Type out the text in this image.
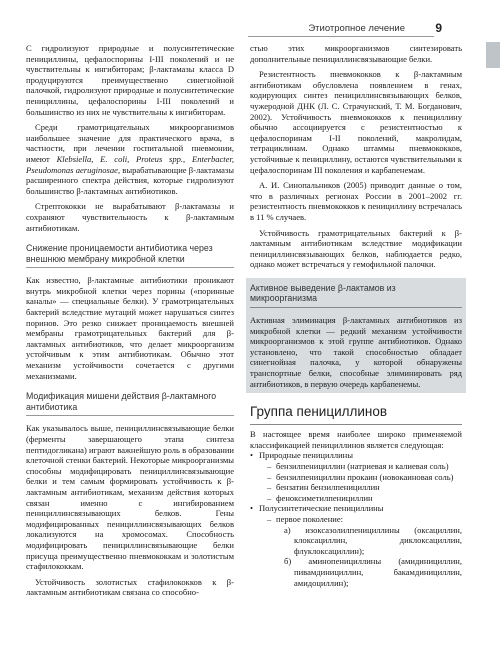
Этиотропное лечение	9

С гидролизуют природные и полусинтетические пенициллины, цефалоспорины I-III поколений и не чувствительны к ингибиторам; β-лактамазы класса D продуцируются преимущественно синегнойной палочкой, гидролизуют природные и полусинтетические пенициллины, цефалоспорины I-III поколений и большинство из них не чувствительны к ингибиторам.

Среди грамотрицательных микроорганизмов наибольшее значение для практического врача, в частности, при лечении госпитальной пневмонии, имеют Klebsiella, E. coli, Proteus spp., Enterbacter, Pseudomonas aeruginosae, вырабатывающие β-лактамазы расширенного спектра действия, которые гидролизуют большинство β-лактамных антибиотиков.

Стрептококки не вырабатывают β-лактамазы и сохраняют чувствительность к β-лактамным антибиотикам.

Снижение проницаемости антибиотика через внешнюю мембрану микробной клетки

Как известно, β-лактамные антибиотики проникают внутрь микробной клетки через порины («поринные каналы» — специальные белки). У грамотрицательных бактерий вследствие мутаций может нарушаться синтез поринов. Это резко снижает проницаемость внешней мембраны грамотрицательных бактерий для β-лактамных антибиотиков, что делает микроорганизм устойчивым к этим антибиотикам. Обычно этот механизм устойчивости сочетается с другими механизмами.

Модификация мишени действия β-лактамного антибиотика

Как указывалось выше, пенициллинсвязывающие белки (ферменты завершающего этапа синтеза пептидогликана) играют важнейшую роль в образовании клеточной стенки бактерий. Некоторые микроорганизмы способны модифицировать пенициллинсвязывающие белки и тем самым формировать устойчивость к β-лактамным антибиотикам, механизм действия которых связан именно с ингибированием пенициллинсвязывающих белков. Гены модифицированных пенициллинсвязывающих белков локализуются на хромосомах. Способность модифицировать пенициллинсвязывающие белки присуща преимущественно пневмококкам и золотистым стафилококкам.

Устойчивость золотистых стафилококков к β-лактамным антибиотикам связана со способно-

стью этих микроорганизмов синтезировать дополнительные пенициллинсвязывающие белки.

Резистентность пневмококков к β-лактамным антибиотикам обусловлена появлением в генах, кодирующих синтез пенициллинсвязывающих белков, чужеродной ДНК (Л. С. Страчунский, Т. М. Богданович, 2002). Устойчивость пневмококков к пенициллину обычно ассоциируется с резистентностью к цефалоспоринам I-II поколений, макролидам, тетрациклинам. Однако штаммы пневмококков, устойчивые к пенициллину, остаются чувствительными к цефалоспоринам III поколения и карбапенемам.

А. И. Синопальников (2005) приводит данные о том, что в различных регионах России в 2001–2002 гг. резистентность пневмококков к пенициллину встречалась в 11 % случаев.

Устойчивость грамотрицательных бактерий к β-лактамным антибиотикам вследствие модификации пенициллинсвязывающих белков, наблюдается редко, однако может встречаться у гемофильной палочки.

Активное выведение β-лактамов из микроорганизма

Активная элиминация β-лактамных антибиотиков из микробной клетки — редкий механизм устойчивости микроорганизмов к этой группе антибиотиков. Однако установлено, что такой способностью обладает синегнойная палочка, у которой обнаружены транспортные белки, способные элиминировать ряд антибиотиков, в первую очередь карбапенемы.

Группа пенициллинов

В настоящее время наиболее широко применяемой классификацией пенициллинов является следующая:

• Природные пенициллины
– бензилпенициллин (натриевая и калиевая соль)
– бензилпенициллин прокаин (новокаиновая соль)
– бензатин бензилпенициллин
– феноксиметилпенициллин
• Полусинтетические пенициллины
– первое поколение:
а) изоксазолилпенициллины (оксациллин, клоксациллин, диклоксациллин, флуклоксациллин);
б) аминопенициллины (амидинициллин, пивамдинициллин, бакамдинициллин, амидоциллин);
